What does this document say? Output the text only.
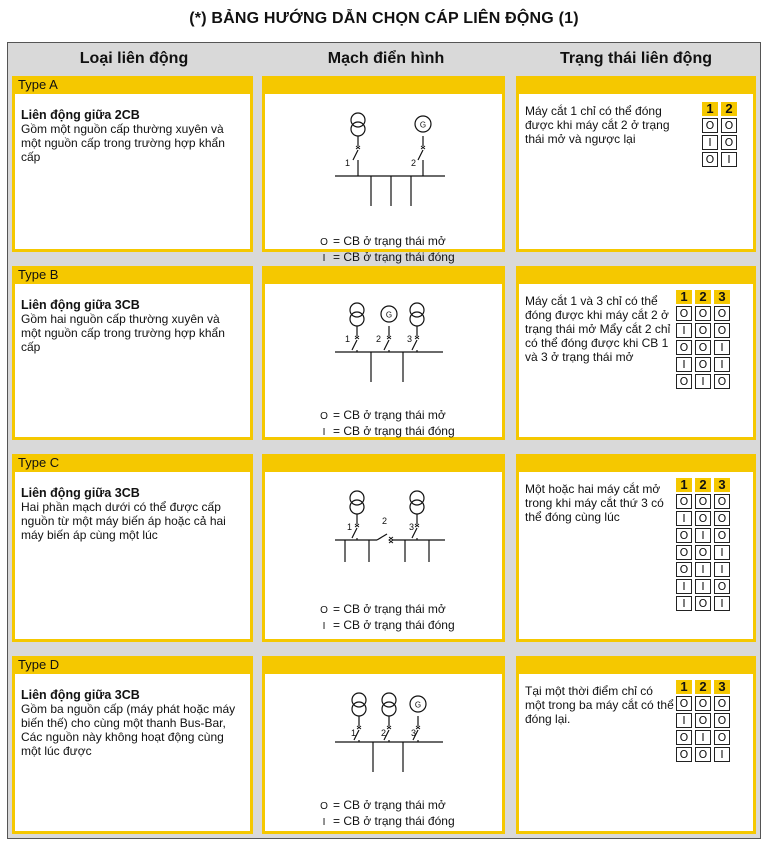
(*) BẢNG HƯỚNG DẪN CHỌN CÁP LIÊN ĐỘNG (1)
Loại liên động	Mạch điển hình	Trạng thái liên động
Type A
Liên động giữa 2CB
Gồm một nguồn cấp thường xuyên và một nguồn cấp trong trường hợp khẩn cấp
G
1	2
O = CB ở trạng thái mở
I = CB ở trạng thái đóng
Máy cắt 1 chỉ có thể đóng được khi máy cắt 2 ở trạng thái mở và ngược lại
1	2
O	O
I	O
O	I
Type B
Liên động giữa 3CB
Gồm hai nguồn cấp thường xuyên và một nguồn cấp trong trường hợp khẩn cấp
G
1	2	3
O = CB ở trạng thái mở
I = CB ở trạng thái đóng
Máy cắt 1 và 3 chỉ có thể đóng được khi máy cắt 2 ở trạng thái mở Mẩy cắt 2 chỉ có thể đóng được khi CB 1 và 3 ở trạng thái mở
1	2	3
O	O	O
I	O	O
O	O	I
I	O	I
O	I	O
Type C
Liên động giữa 3CB
Hai phần mạch dưới có thể được cấp nguồn từ một máy biến áp hoặc cả hai máy biến áp cùng một lúc
1
2
3
O = CB ở trạng thái mở
I = CB ở trạng thái đóng
Một hoặc hai máy cắt mở trong khi máy cắt thứ 3 có thể đóng cùng lúc
1	2	3
O	O	O
I	O	O
O	I	O
O	O	I
O	I	I
I	I	O
I	O	I
Type D
Liên động giữa 3CB
Gồm ba nguồn cấp (máy phát hoặc máy biến thế) cho cùng một thanh Bus-Bar, Các nguồn này không hoạt động cùng một lúc được
G
1	2	3
O = CB ở trạng thái mở
I = CB ở trạng thái đóng
Tại một thời điểm chỉ có một trong ba máy cắt có thể đóng lại.
1	2	3
O	O	O
I	O	O
O	I	O
O	O	I
